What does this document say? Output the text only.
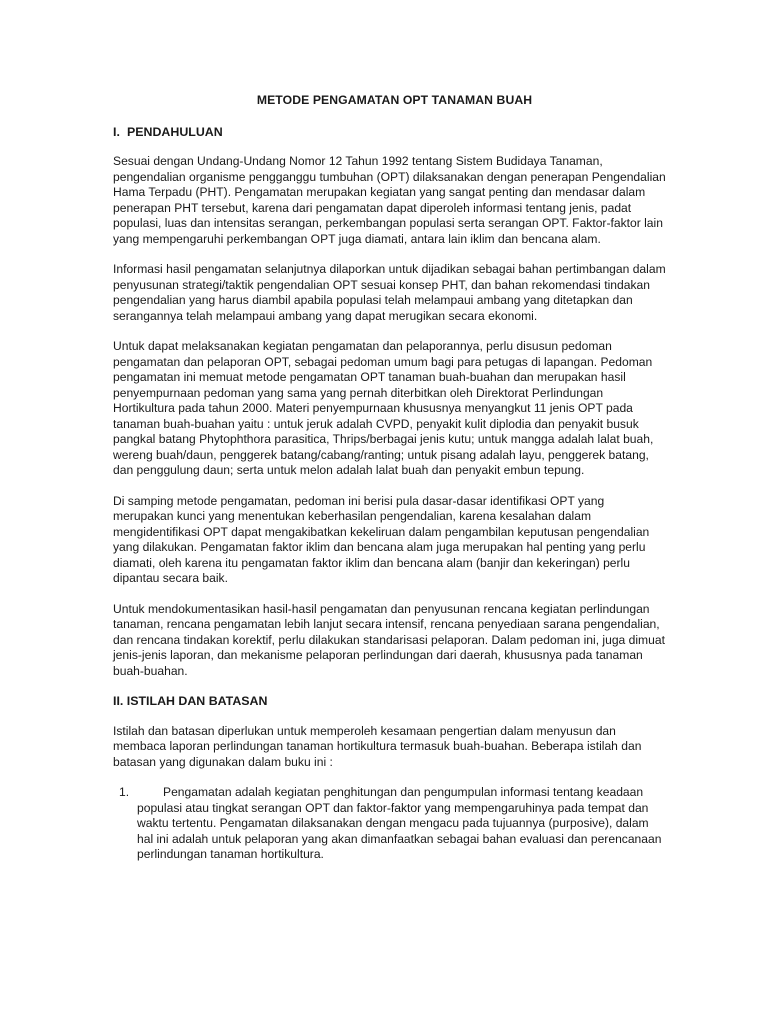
METODE PENGAMATAN OPT TANAMAN BUAH
I. PENDAHULUAN

Sesuai dengan Undang-Undang Nomor 12 Tahun 1992 tentang Sistem Budidaya Tanaman, pengendalian organisme pengganggu tumbuhan (OPT) dilaksanakan dengan penerapan Pengendalian Hama Terpadu (PHT). Pengamatan merupakan kegiatan yang sangat penting dan mendasar dalam penerapan PHT tersebut, karena dari pengamatan dapat diperoleh informasi tentang jenis, padat populasi, luas dan intensitas serangan, perkembangan populasi serta serangan OPT. Faktor-faktor lain yang mempengaruhi perkembangan OPT juga diamati, antara lain iklim dan bencana alam.

Informasi hasil pengamatan selanjutnya dilaporkan untuk dijadikan sebagai bahan pertimbangan dalam penyusunan strategi/taktik pengendalian OPT sesuai konsep PHT, dan bahan rekomendasi tindakan pengendalian yang harus diambil apabila populasi telah melampaui ambang yang ditetapkan dan serangannya telah melampaui ambang yang dapat merugikan secara ekonomi.

Untuk dapat melaksanakan kegiatan pengamatan dan pelaporannya, perlu disusun pedoman pengamatan dan pelaporan OPT, sebagai pedoman umum bagi para petugas di lapangan. Pedoman pengamatan ini memuat metode pengamatan OPT tanaman buah-buahan dan merupakan hasil penyempurnaan pedoman yang sama yang pernah diterbitkan oleh Direktorat Perlindungan Hortikultura pada tahun 2000. Materi penyempurnaan khususnya menyangkut 11 jenis OPT pada tanaman buah-buahan yaitu : untuk jeruk adalah CVPD, penyakit kulit diplodia dan penyakit busuk pangkal batang Phytophthora parasitica, Thrips/berbagai jenis kutu; untuk mangga adalah lalat buah, wereng buah/daun, penggerek batang/cabang/ranting; untuk pisang adalah layu, penggerek batang, dan penggulung daun; serta untuk melon adalah lalat buah dan penyakit embun tepung.

Di samping metode pengamatan, pedoman ini berisi pula dasar-dasar identifikasi OPT yang merupakan kunci yang menentukan keberhasilan pengendalian, karena kesalahan dalam mengidentifikasi OPT dapat mengakibatkan kekeliruan dalam pengambilan keputusan pengendalian yang dilakukan. Pengamatan faktor iklim dan bencana alam juga merupakan hal penting yang perlu diamati, oleh karena itu pengamatan faktor iklim dan bencana alam (banjir dan kekeringan) perlu dipantau secara baik.

Untuk mendokumentasikan hasil-hasil pengamatan dan penyusunan rencana kegiatan perlindungan tanaman, rencana pengamatan lebih lanjut secara intensif, rencana penyediaan sarana pengendalian, dan rencana tindakan korektif, perlu dilakukan standarisasi pelaporan. Dalam pedoman ini, juga dimuat jenis-jenis laporan, dan mekanisme pelaporan perlindungan dari daerah, khususnya pada tanaman buah-buahan.

II. ISTILAH DAN BATASAN

Istilah dan batasan diperlukan untuk memperoleh kesamaan pengertian dalam menyusun dan membaca laporan perlindungan tanaman hortikultura termasuk buah-buahan. Beberapa istilah dan batasan yang digunakan dalam buku ini :

1.	Pengamatan adalah kegiatan penghitungan dan pengumpulan informasi tentang keadaan populasi atau tingkat serangan OPT dan faktor-faktor yang mempengaruhinya pada tempat dan waktu tertentu. Pengamatan dilaksanakan dengan mengacu pada tujuannya (purposive), dalam hal ini adalah untuk pelaporan yang akan dimanfaatkan sebagai bahan evaluasi dan perencanaan perlindungan tanaman hortikultura.
